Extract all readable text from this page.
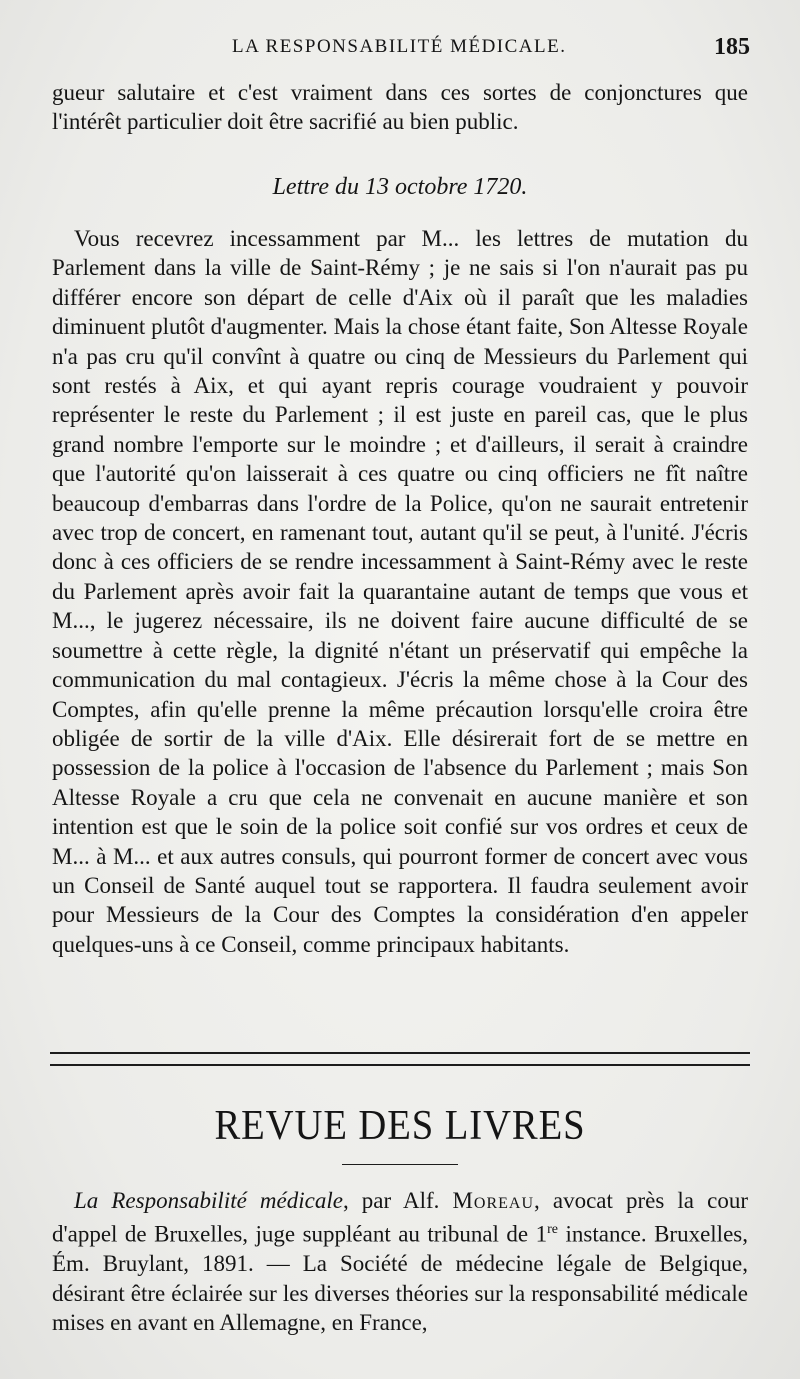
LA RESPONSABILITÉ MÉDICALE.	185

gueur salutaire et c'est vraiment dans ces sortes de conjonctures que l'intérêt particulier doit être sacrifié au bien public.

Lettre du 13 octobre 1720.

Vous recevrez incessamment par M... les lettres de mutation du Parlement dans la ville de Saint-Rémy ; je ne sais si l'on n'aurait pas pu différer encore son départ de celle d'Aix où il paraît que les maladies diminuent plutôt d'augmenter. Mais la chose étant faite, Son Altesse Royale n'a pas cru qu'il convînt à quatre ou cinq de Messieurs du Parlement qui sont restés à Aix, et qui ayant repris courage voudraient y pouvoir représenter le reste du Parlement ; il est juste en pareil cas, que le plus grand nombre l'emporte sur le moindre ; et d'ailleurs, il serait à craindre que l'autorité qu'on laisserait à ces quatre ou cinq officiers ne fît naître beaucoup d'embarras dans l'ordre de la Police, qu'on ne saurait entretenir avec trop de concert, en ramenant tout, autant qu'il se peut, à l'unité. J'écris donc à ces officiers de se rendre incessamment à Saint-Rémy avec le reste du Parlement après avoir fait la quarantaine autant de temps que vous et M..., le jugerez nécessaire, ils ne doivent faire aucune difficulté de se soumettre à cette règle, la dignité n'étant un préservatif qui empêche la communication du mal contagieux. J'écris la même chose à la Cour des Comptes, afin qu'elle prenne la même précaution lorsqu'elle croira être obligée de sortir de la ville d'Aix. Elle désirerait fort de se mettre en possession de la police à l'occasion de l'absence du Parlement ; mais Son Altesse Royale a cru que cela ne convenait en aucune manière et son intention est que le soin de la police soit confié sur vos ordres et ceux de M... à M... et aux autres consuls, qui pourront former de concert avec vous un Conseil de Santé auquel tout se rapportera. Il faudra seulement avoir pour Messieurs de la Cour des Comptes la considération d'en appeler quelques-uns à ce Conseil, comme principaux habitants.

REVUE DES LIVRES

La Responsabilité médicale, par Alf. Moreau, avocat près la cour d'appel de Bruxelles, juge suppléant au tribunal de 1re instance. Bruxelles, Ém. Bruylant, 1891. — La Société de médecine légale de Belgique, désirant être éclairée sur les diverses théories sur la responsabilité médicale mises en avant en Allemagne, en France,
